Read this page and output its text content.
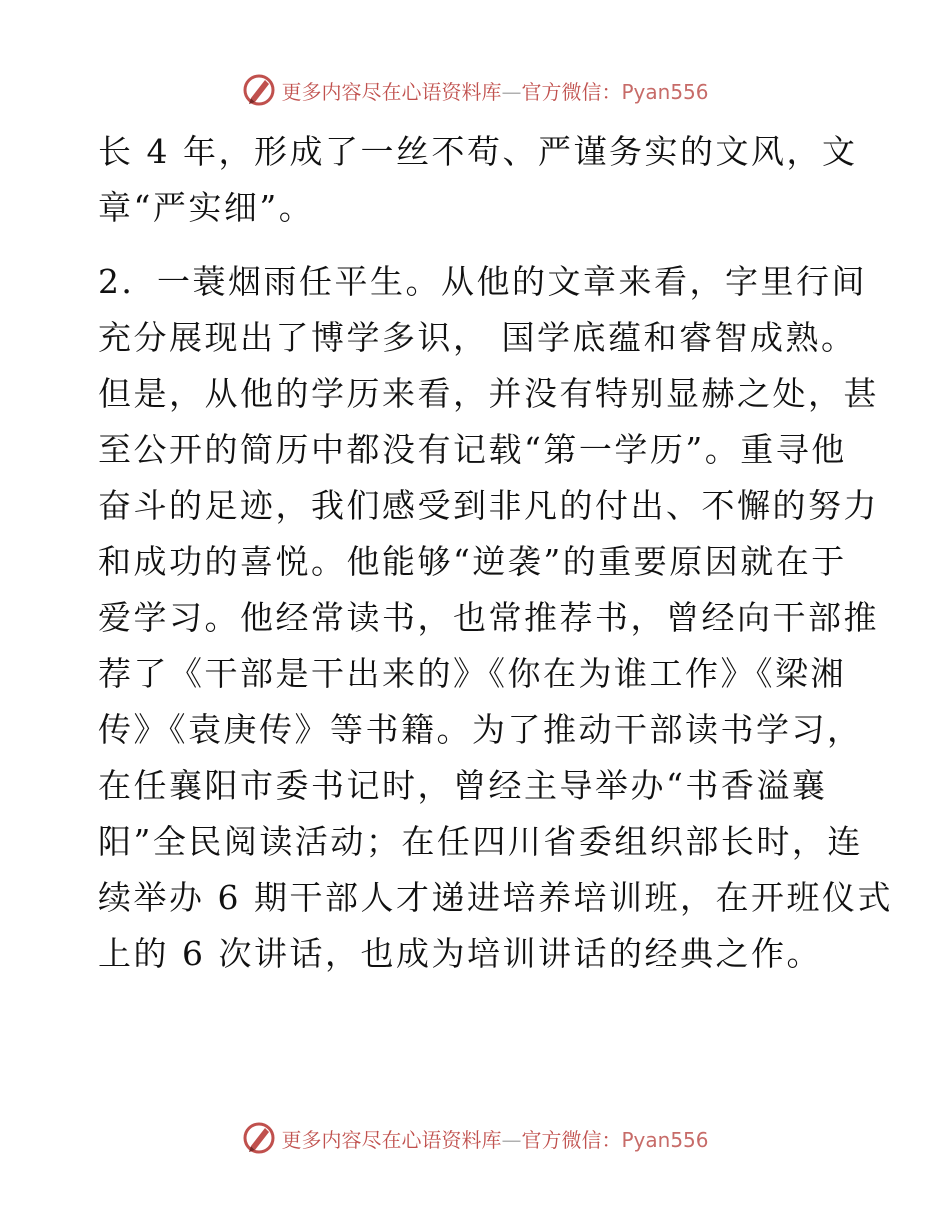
更多内容尽在心语资料库—官方微信：Pyan556
长 4 年，形成了一丝不苟、严谨务实的文风，文
章“严实细”。
2．一蓑烟雨任平生。从他的文章来看，字里行间
充分展现出了博学多识， 国学底蕴和睿智成熟。
但是，从他的学历来看，并没有特别显赫之处，甚
至公开的简历中都没有记载“第一学历”。重寻他
奋斗的足迹，我们感受到非凡的付出、不懈的努力
和成功的喜悦。他能够“逆袭”的重要原因就在于
爱学习。他经常读书，也常推荐书，曾经向干部推
荐了《干部是干出来的》《你在为谁工作》《梁湘
传》《袁庚传》等书籍。为了推动干部读书学习，
在任襄阳市委书记时，曾经主导举办“书香溢襄
阳”全民阅读活动；在任四川省委组织部长时，连
续举办 6 期干部人才递进培养培训班，在开班仪式
上的 6 次讲话，也成为培训讲话的经典之作。
更多内容尽在心语资料库—官方微信：Pyan556
